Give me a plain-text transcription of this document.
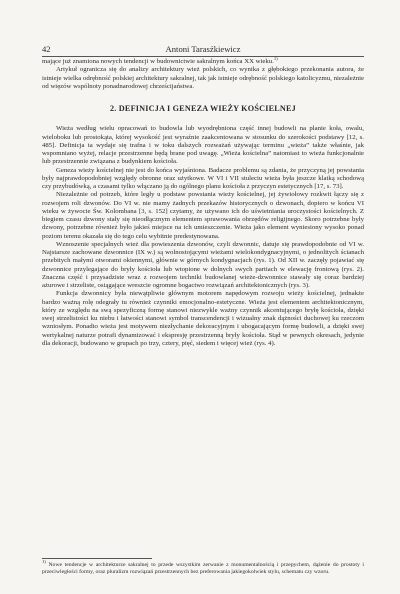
42	Antoni Tarasźkiewicz

mające już znamiona nowych tendencji w budownictwie sakralnym końca XX wieku.$^{1)}$

Artykuł ogranicza się do analizy architektury wież polskich, co wynika z głębokiego przekonania autora, że istnieje wielka odrębność polskiej architektury sakralnej, tak jak istnieje odrębność polskiego katolicyzmu, niezależnie od więzów wspólnoty ponadnarodowej chrześcijaństwa.

2. DEFINICJA I GENEZA WIEŻY KOŚCIELNEJ

Wieża według wielu opracowań to budowla lub wyodrębniona część innej budowli na planie koła, owalu, wieloboku lub prostokąta, której wysokość jest wyraźnie zaakcentowana w stosunku do szerokości podstawy [12, s. 485]. Definicja ta wydaje się trafna i w toku dalszych rozważań używając terminu „wieża” także właśnie, jak wspomniano wyżej, relacje przestrzenne będą brane pod uwagę. „Wieża kościelna” natomiast to wieża funkcjonalnie lub przestrzennie związana z budynkiem kościoła.

Geneza wieży kościelnej nie jest do końca wyjaśniona. Badacze problemu są zdania, że przyczyną jej powstania były najprawdopodobniej względy obronne oraz użytkowe. W VI i VII stuleciu wieża była jeszcze klatką schodową czy przybudówką, a czasami tylko włączano ją do ogólnego planu kościoła z przyczyn estetycznych [17, s. 73].

Niezależnie od potrzeb, które legły u podstaw powstania wieży kościelnej, jej żywiołowy rozkwit łączy się z rozwojem roli dzwonów. Do VI w. nie mamy żadnych przekazów historycznych o dzwonach, dopiero w końcu VI wieku w żywocie Św. Kolombana [3, s. 152] czytamy, że używano ich do uświetniania uroczystości kościelnych. Z biegiem czasu dzwony stały się nieodłącznym elementem sprawowania obrzędów religijnego. Skoro potrzebne były dzwony, potrzebne również było jakieś miejsce na ich umieszczenie. Wieża jako element wyniesiony wysoko ponad poziom terenu okazała się do tego celu wybitnie predestynowana.

Wznoszenie specjalnych wież dla powieszenia dzwonów, czyli dzwonnic, datuje się prawdopodobnie od VI w. Najstarsze zachowane dzwonnice (IX w.) są wolnostojącymi wieżami wielokondygnacyjnymi, o jednolitych ścianach przebitych małymi otworami okiennymi, głównie w górnych kondygnacjach (rys. 1). Od XII w. zaczęły pojawiać się dzwonnice przylegające do bryły kościoła lub wtopione w dolnych swych partiach w elewację frontową (rys. 2). Znaczna część i przysadziste wraz z rozwojem techniki budowlanej wieże-dzwonnice stawały się coraz bardziej ażurowe i strzeliste, osiągające wreszcie ogromne bogactwo rozwiązań architektonicznych (rys. 3).

Funkcja dzwonnicy była niewątpliwie głównym motorem napędowym rozwoju wieży kościelnej, jednakże bardzo ważną rolę odegrały tu również czynniki emocjonalno-estetyczne. Wieża jest elementem architektonicznym, który ze względu na swą spezyficzną formę stanowi niezwykle ważny czynnik akcentującego bryłę kościoła, dzięki swej strzelistości ku niebu i łatwości stanowi symbol transcendencji i wizualny znak dążności duchowej ku rzeczom wzniosłym. Ponadto wieża jest motywem niezłychanie dekoracyjnym i ubogacającym formę budowli, a dzięki swej wertykalnej naturze potrafi dynamizować i ekspresję przestrzenną bryły kościoła. Stąd w pewnych okresach, jedynie dla dekoracji, budowano w grupach po trzy, cztery, pięć, siedem i więcej wież (rys. 4).

$^{1)}$ Nowe tendencje w architekturze sakralnej to przede wszystkim zerwanie z monumentalnością i przepychem, dążenie do prostoty i przeciwległości formy, oraz pluralizm rozwiązań przestrzennych bez preferowania jakiegokolwiek stylu, schematu czy wzoru.
